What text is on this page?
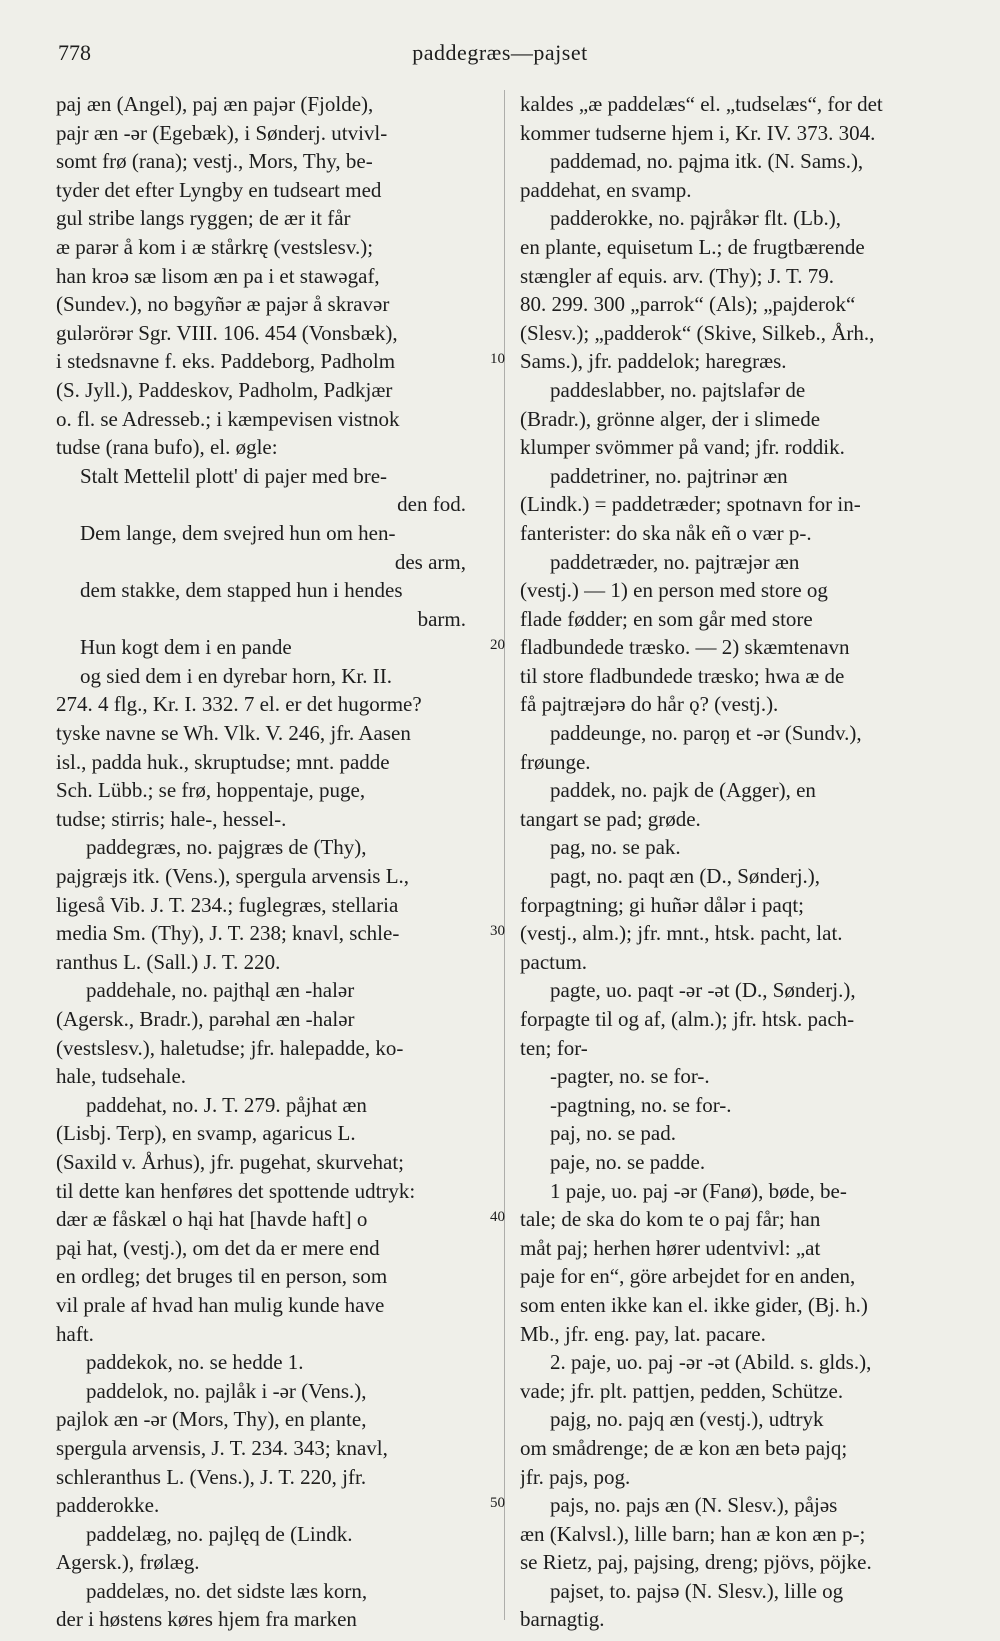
778	paddegræs—pajset
10
20
30
40
50
paj æn (Angel), paj æn pajər (Fjolde),
pajr æn -ər (Egebæk), i Sønderj. utvivl-
somt frø (rana); vestj., Mors, Thy, be-
tyder det efter Lyngby en tudseart med
gul stribe langs ryggen; de ær it får
æ parər å kom i æ stårkrę (vestslesv.);
han kroə sæ lisom æn pa i et stawəgaf,
(Sundev.), no bəgyñər æ pajər å skravər
gulərörər Sgr. VIII. 106. 454 (Vonsbæk),
i stedsnavne f. eks. Paddeborg, Padholm
(S. Jyll.), Paddeskov, Padholm, Padkjær
o. fl. se Adresseb.; i kæmpevisen vistnok
tudse (rana bufo), el. øgle:
Stalt Mettelil plott' di pajer med bre-
den fod.
Dem lange, dem svejred hun om hen-
des arm,
dem stakke, dem stapped hun i hendes
barm.
Hun kogt dem i en pande
og sied dem i en dyrebar horn, Kr. II.
274. 4 flg., Kr. I. 332. 7 el. er det hugorme?
tyske navne se Wh. Vlk. V. 246, jfr. Aasen
isl., padda huk., skruptudse; mnt. padde
Sch. Lübb.; se frø, hoppentaje, puge,
tudse; stirris; hale-, hessel-.
paddegræs, no. pajgræs de (Thy),
pajgræjs itk. (Vens.), spergula arvensis L.,
ligeså Vib. J. T. 234.; fuglegræs, stellaria
media Sm. (Thy), J. T. 238; knavl, schle-
ranthus L. (Sall.) J. T. 220.
paddehale, no. pajthąl æn -halər
(Agersk., Bradr.), parəhal æn -halər
(vestslesv.), haletudse; jfr. halepadde, ko-
hale, tudsehale.
paddehat, no. J. T. 279. påjhat æn
(Lisbj. Terp), en svamp, agaricus L.
(Saxild v. Århus), jfr. pugehat, skurvehat;
til dette kan henføres det spottende udtryk:
dær æ fåskæl o hąi hat [havde haft] o
pąi hat, (vestj.), om det da er mere end
en ordleg; det bruges til en person, som
vil prale af hvad han mulig kunde have
haft.
paddekok, no. se hedde 1.
paddelok, no. pajlåk i -ər (Vens.),
pajlok æn -ər (Mors, Thy), en plante,
spergula arvensis, J. T. 234. 343; knavl,
schleranthus L. (Vens.), J. T. 220, jfr.
padderokke.
paddelæg, no. pajlęq de (Lindk.
Agersk.), frølæg.
paddelæs, no. det sidste læs korn,
der i høstens køres hjem fra marken
kaldes „æ paddelæs“ el. „tudselæs“, for det
kommer tudserne hjem i, Kr. IV. 373. 304.
paddemad, no. pąjma itk. (N. Sams.),
paddehat, en svamp.
padderokke, no. pąjråkər flt. (Lb.),
en plante, equisetum L.; de frugtbærende
stængler af equis. arv. (Thy); J. T. 79.
80. 299. 300 „parrok“ (Als); „pajderok“
(Slesv.); „padderok“ (Skive, Silkeb., Årh.,
Sams.), jfr. paddelok; haregræs.
paddeslabber, no. pajtslafər de
(Bradr.), grönne alger, der i slimede
klumper svömmer på vand; jfr. roddik.
paddetriner, no. pajtrinər æn
(Lindk.) = paddetræder; spotnavn for in-
fanterister: do ska nåk eñ o vær p-.
paddetræder, no. pajtræjər æn
(vestj.) — 1) en person med store og
flade fødder; en som går med store
fladbundede træsko. — 2) skæmtenavn
til store fladbundede træsko; hwa æ de
få pajtræjərə do hår ǫ? (vestj.).
paddeunge, no. parǫŋ et -ər (Sundv.),
frøunge.
paddek, no. pajk de (Agger), en
tangart se pad; grøde.
pag, no. se pak.
pagt, no. paqt æn (D., Sønderj.),
forpagtning; gi huñər dålər i paqt;
(vestj., alm.); jfr. mnt., htsk. pacht, lat.
pactum.
pagte, uo. paqt -ər -ət (D., Sønderj.),
forpagte til og af, (alm.); jfr. htsk. pach-
ten; for-
-pagter, no. se for-.
-pagtning, no. se for-.
paj, no. se pad.
paje, no. se padde.
1 paje, uo. paj -ər (Fanø), bøde, be-
tale; de ska do kom te o paj får; han
måt paj; herhen hører udentvivl: „at
paje for en“, göre arbejdet for en anden,
som enten ikke kan el. ikke gider, (Bj. h.)
Mb., jfr. eng. pay, lat. pacare.
2. paje, uo. paj -ər -ət (Abild. s. glds.),
vade; jfr. plt. pattjen, pedden, Schütze.
pajg, no. pajq æn (vestj.), udtryk
om smådrenge; de æ kon æn betə pajq;
jfr. pajs, pog.
pajs, no. pajs æn (N. Slesv.), påjəs
æn (Kalvsl.), lille barn; han æ kon æn p-;
se Rietz, paj, pajsing, dreng; pjövs, pöjke.
pajset, to. pajsə (N. Slesv.), lille og
barnagtig.
